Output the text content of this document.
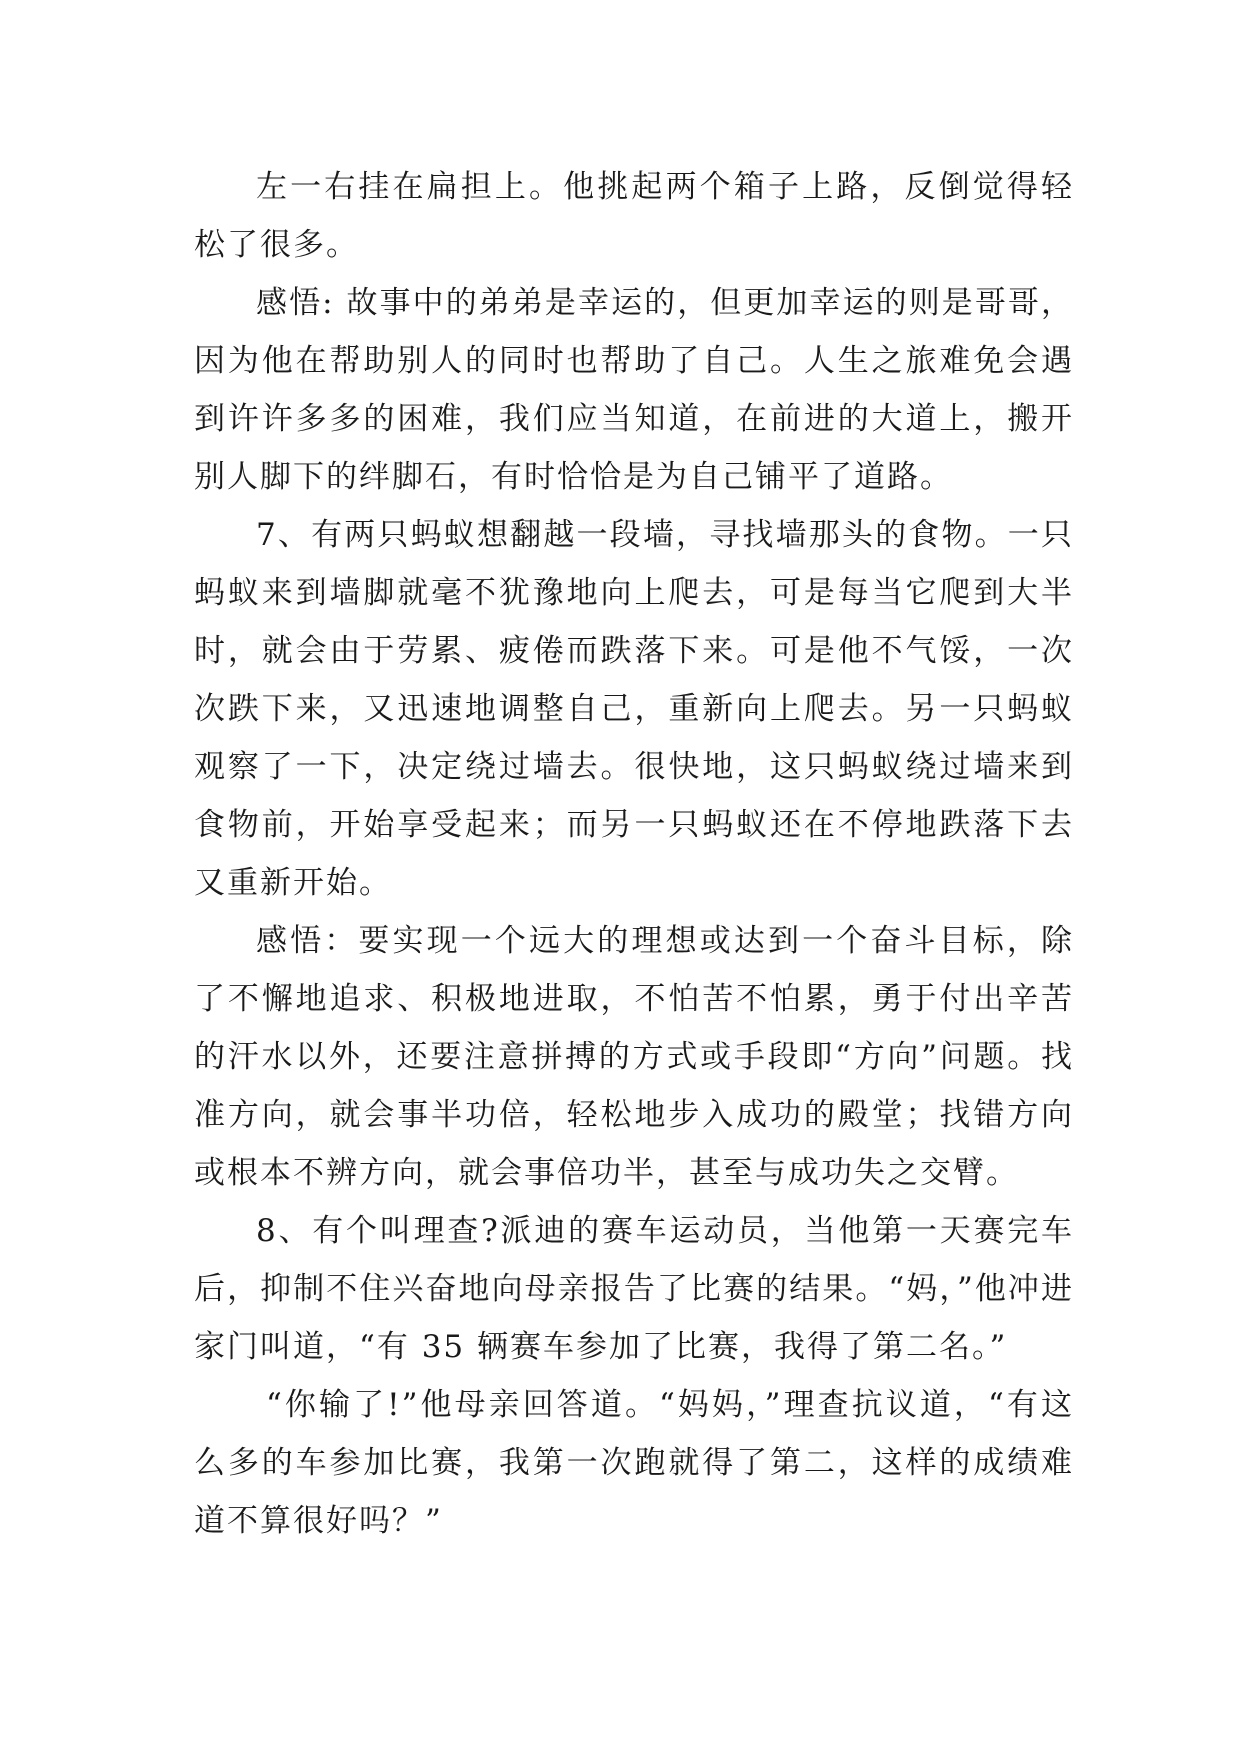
左一右挂在扁担上。他挑起两个箱子上路，反倒觉得轻松了很多。

感悟: 故事中的弟弟是幸运的，但更加幸运的则是哥哥，因为他在帮助别人的同时也帮助了自己。人生之旅难免会遇到许许多多的困难，我们应当知道，在前进的大道上，搬开别人脚下的绊脚石，有时恰恰是为自己铺平了道路。

7、有两只蚂蚁想翻越一段墙，寻找墙那头的食物。一只蚂蚁来到墙脚就毫不犹豫地向上爬去，可是每当它爬到大半时，就会由于劳累、疲倦而跌落下来。可是他不气馁，一次次跌下来，又迅速地调整自己，重新向上爬去。另一只蚂蚁观察了一下，决定绕过墙去。很快地，这只蚂蚁绕过墙来到食物前，开始享受起来；而另一只蚂蚁还在不停地跌落下去又重新开始。

感悟：要实现一个远大的理想或达到一个奋斗目标，除了不懈地追求、积极地进取，不怕苦不怕累，勇于付出辛苦的汗水以外，还要注意拼搏的方式或手段即“方向”问题。找准方向，就会事半功倍，轻松地步入成功的殿堂；找错方向或根本不辨方向，就会事倍功半，甚至与成功失之交臂。

8、有个叫理查?派迪的赛车运动员，当他第一天赛完车后，抑制不住兴奋地向母亲报告了比赛的结果。“妈，”他冲进家门叫道，“有 35 辆赛车参加了比赛，我得了第二名。”

“你输了!”他母亲回答道。“妈妈，”理查抗议道，“有这么多的车参加比赛，我第一次跑就得了第二，这样的成绩难道不算很好吗？”
